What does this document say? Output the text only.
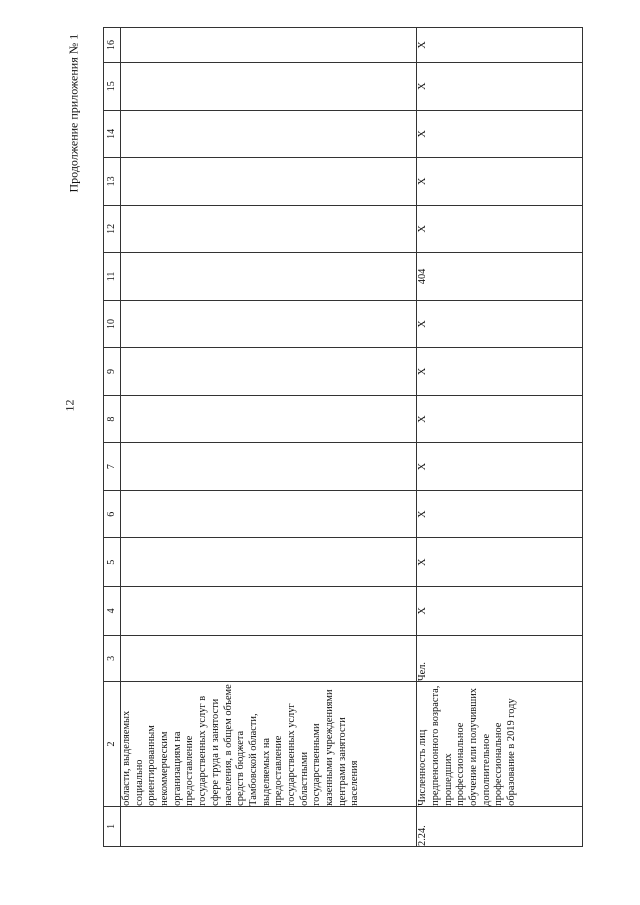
12
Продолжение приложения № 1
1	2	3	4	5	6	7	8	9	10	11	12	13	14	15	16
	области, выделяемых социально ориентированным некоммерческим организациям на предоставление государственных услуг в сфере труда и занятости населения, в общем объеме средств бюджета Тамбовской области, выделяемых на предоставление государственных услуг областными государственными казенными учреждениями центрами занятости населения														
2.24.	Численность лиц предпенсионного возраста, прошедших профессиональное обучение или получивших дополнительное профессиональное образование в 2019 году	Чел.	X	X	X	X	X	X	X	404	X	X	X	X	X
